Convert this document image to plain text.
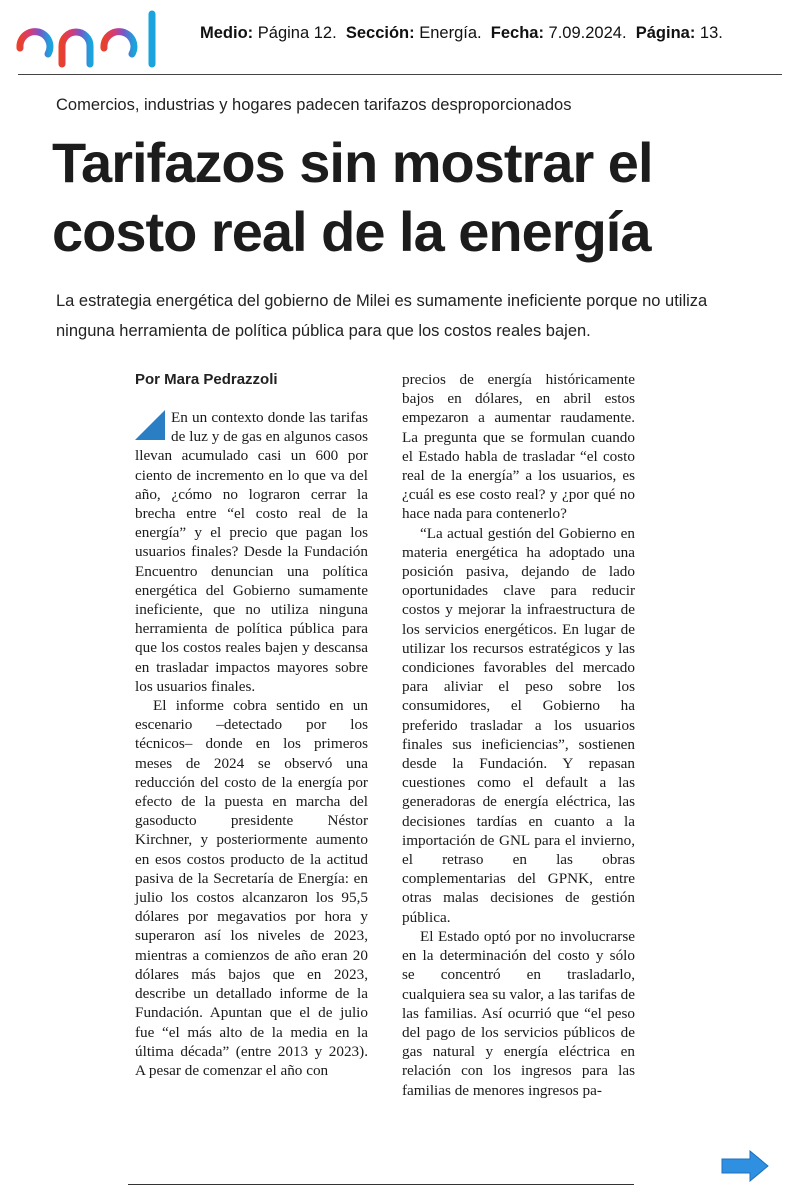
Medio: Página 12. Sección: Energía. Fecha: 7.09.2024. Página: 13.
Comercios, industrias y hogares padecen tarifazos desproporcionados
Tarifazos sin mostrar el costo real de la energía
La estrategia energética del gobierno de Milei es sumamente ineficiente porque no utiliza ninguna herramienta de política pública para que los costos reales bajen.
Por Mara Pedrazzoli

En un contexto donde las tarifas de luz y de gas en algunos casos llevan acumulado casi un 600 por ciento de incremento en lo que va del año, ¿cómo no lograron cerrar la brecha entre “el costo real de la energía” y el precio que pagan los usuarios finales? Desde la Fundación Encuentro denuncian una política energética del Gobierno sumamente ineficiente, que no utiliza ninguna herramienta de política pública para que los costos reales bajen y descansa en trasladar impactos mayores sobre los usuarios finales.

El informe cobra sentido en un escenario –detectado por los técnicos– donde en los primeros meses de 2024 se observó una reducción del costo de la energía por efecto de la puesta en marcha del gasoducto presidente Néstor Kirchner, y posteriormente aumento en esos costos producto de la actitud pasiva de la Secretaría de Energía: en julio los costos alcanzaron los 95,5 dólares por megavatios por hora y superaron así los niveles de 2023, mientras a comienzos de año eran 20 dólares más bajos que en 2023, describe un detallado informe de la Fundación. Apuntan que el de julio fue “el más alto de la media en la última década” (entre 2013 y 2023). A pesar de comenzar el año con

precios de energía históricamente bajos en dólares, en abril estos empezaron a aumentar raudamente. La pregunta que se formulan cuando el Estado habla de trasladar “el costo real de la energía” a los usuarios, es ¿cuál es ese costo real? y ¿por qué no hace nada para contenerlo?

“La actual gestión del Gobierno en materia energética ha adoptado una posición pasiva, dejando de lado oportunidades clave para reducir costos y mejorar la infraestructura de los servicios energéticos. En lugar de utilizar los recursos estratégicos y las condiciones favorables del mercado para aliviar el peso sobre los consumidores, el Gobierno ha preferido trasladar a los usuarios finales sus ineficiencias”, sostienen desde la Fundación. Y repasan cuestiones como el default a las generadoras de energía eléctrica, las decisiones tardías en cuanto a la importación de GNL para el invierno, el retraso en las obras complementarias del GPNK, entre otras malas decisiones de gestión pública.

El Estado optó por no involucrarse en la determinación del costo y sólo se concentró en trasladarlo, cualquiera sea su valor, a las tarifas de las familias. Así ocurrió que “el peso del pago de los servicios públicos de gas natural y energía eléctrica en relación con los ingresos para las familias de menores ingresos pa-
